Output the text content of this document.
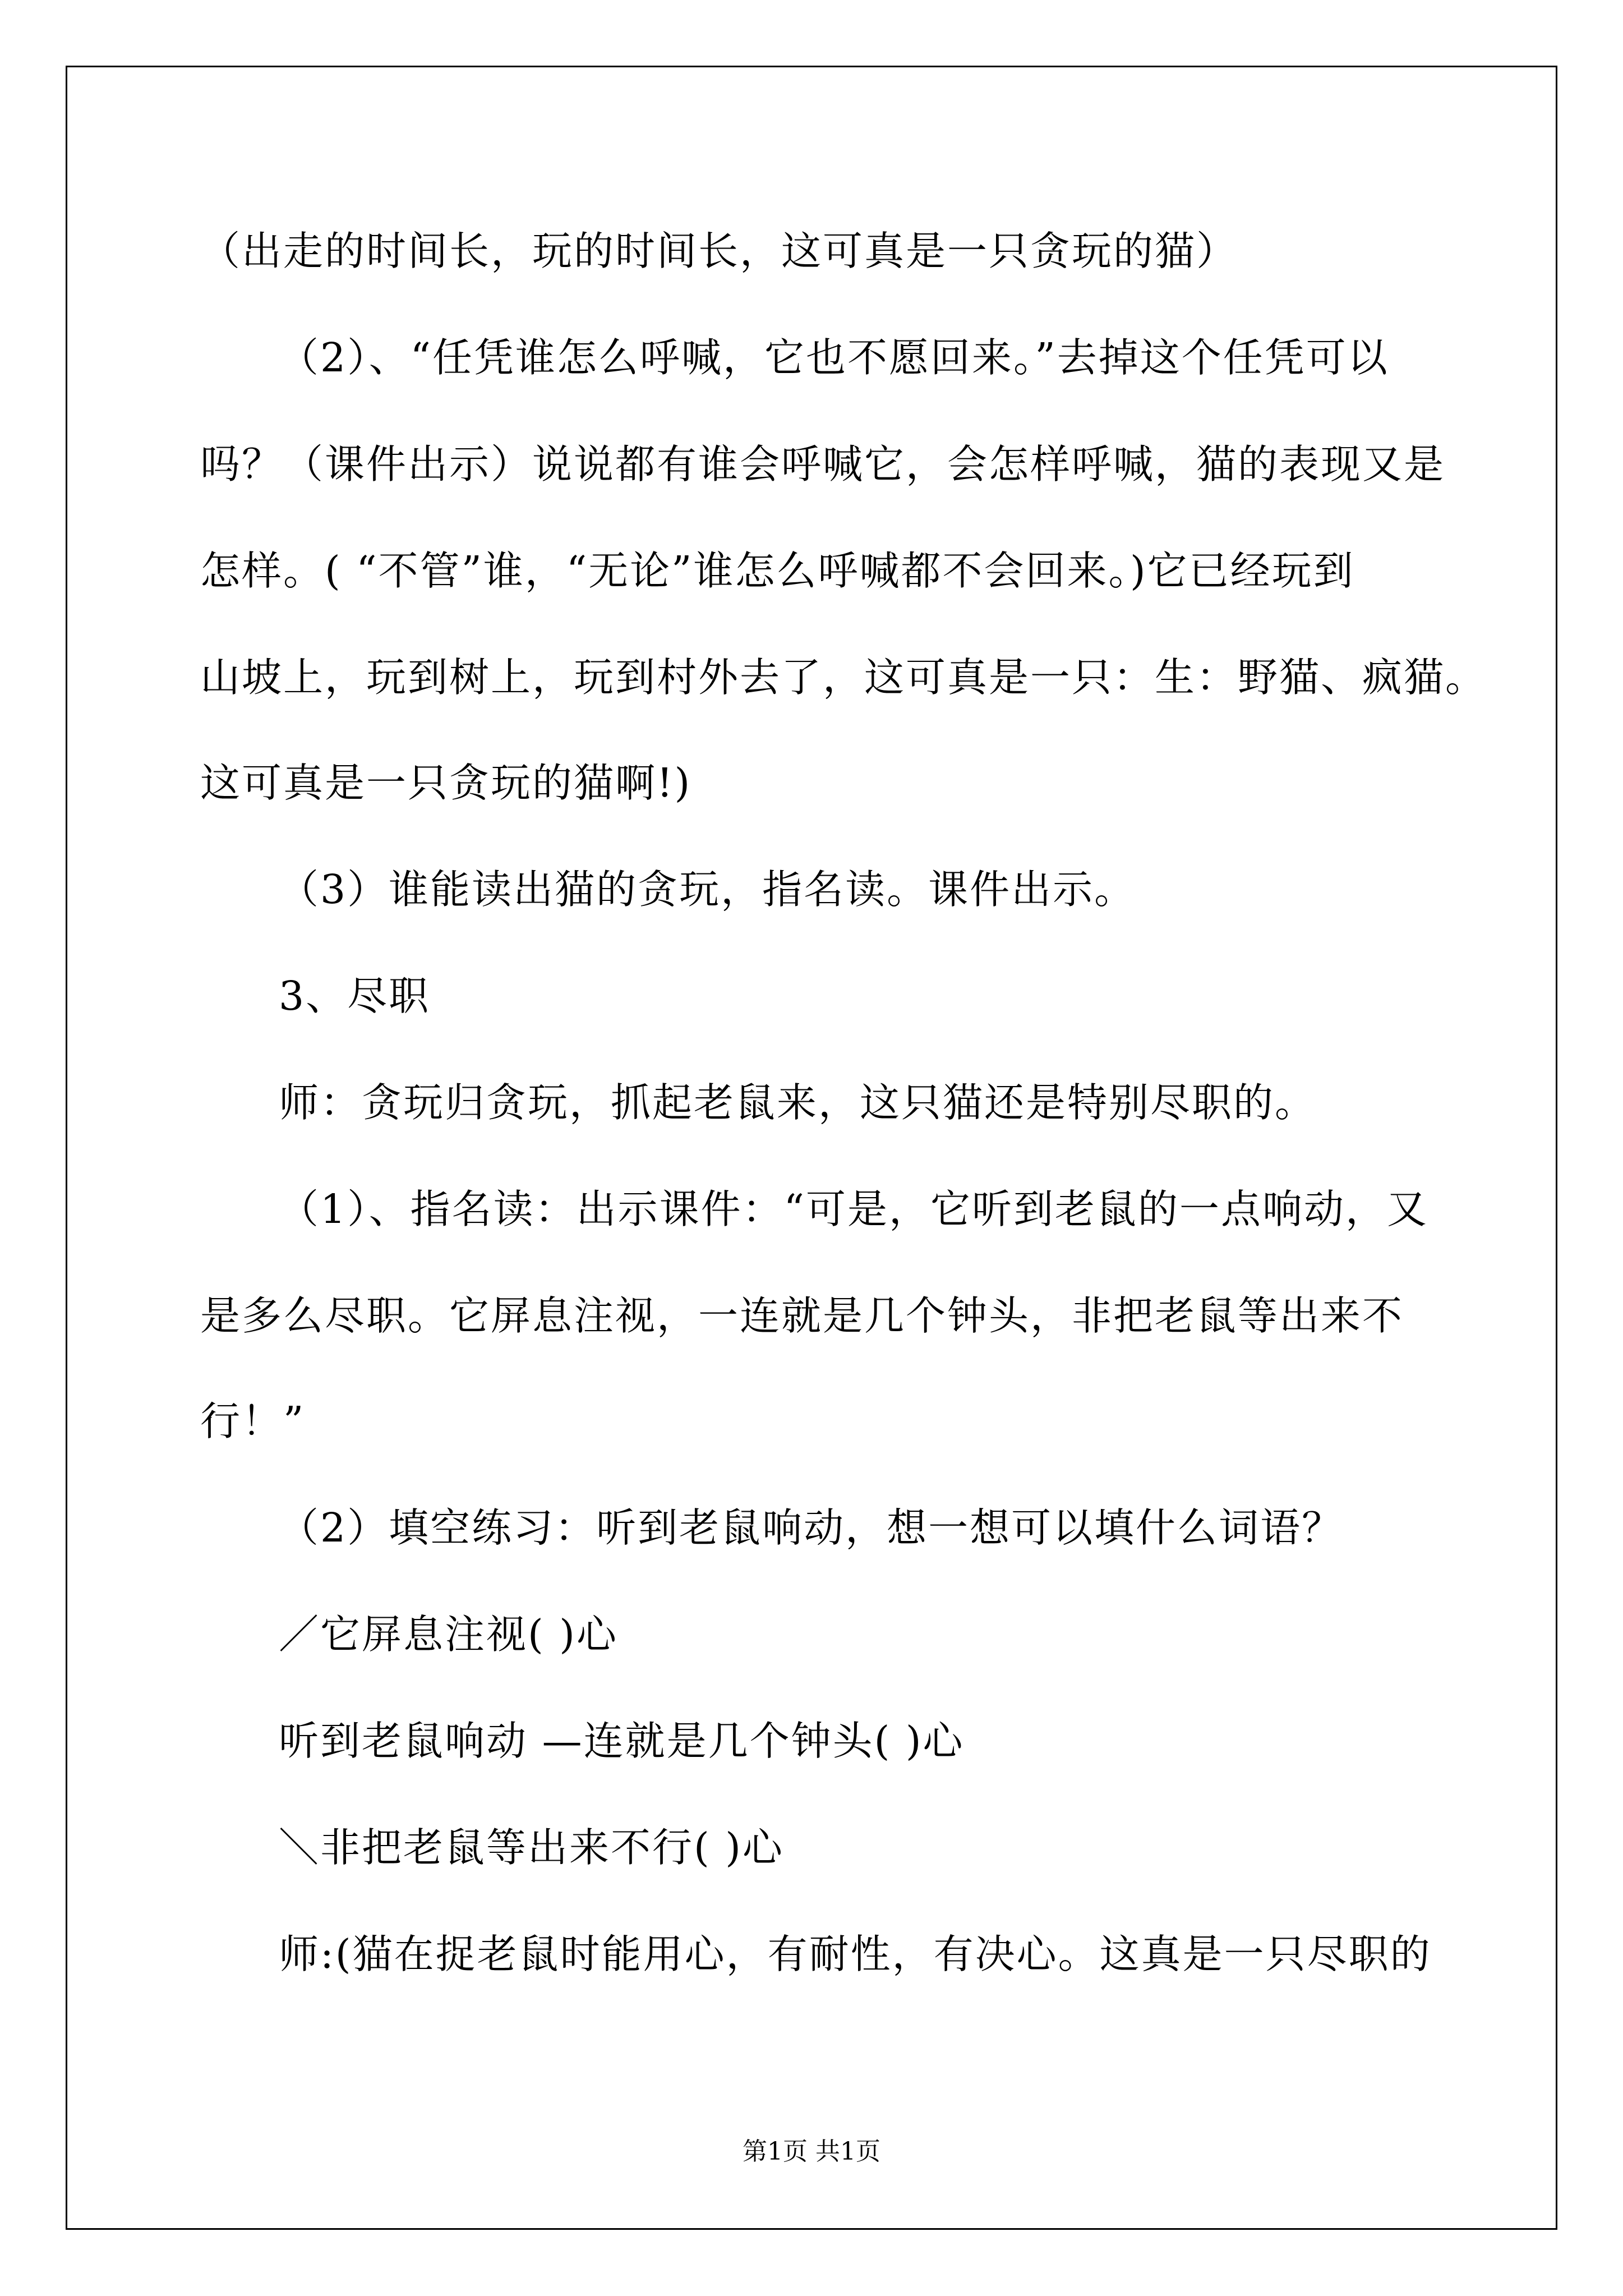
（出走的时间长，玩的时间长，这可真是一只贪玩的猫）
（2）、“任凭谁怎么呼喊，它也不愿回来。”去掉这个任凭可以
吗？（课件出示）说说都有谁会呼喊它，会怎样呼喊，猫的表现又是
怎样。( “不管”谁，“无论”谁怎么呼喊都不会回来。)它已经玩到
山坡上，玩到树上，玩到村外去了，这可真是一只：生：野猫、疯猫。
这可真是一只贪玩的猫啊!)
（3）谁能读出猫的贪玩，指名读。课件出示。
3、尽职
师：贪玩归贪玩，抓起老鼠来，这只猫还是特别尽职的。
（1）、指名读：出示课件：“可是，它听到老鼠的一点响动，又
是多么尽职。它屏息注视，一连就是几个钟头，非把老鼠等出来不
行！”
（2）填空练习：听到老鼠响动，想一想可以填什么词语？
／它屏息注视( )心
听到老鼠响动 —连就是几个钟头( )心
＼非把老鼠等出来不行( )心
师:(猫在捉老鼠时能用心，有耐性，有决心。这真是一只尽职的
第1页 共1页
